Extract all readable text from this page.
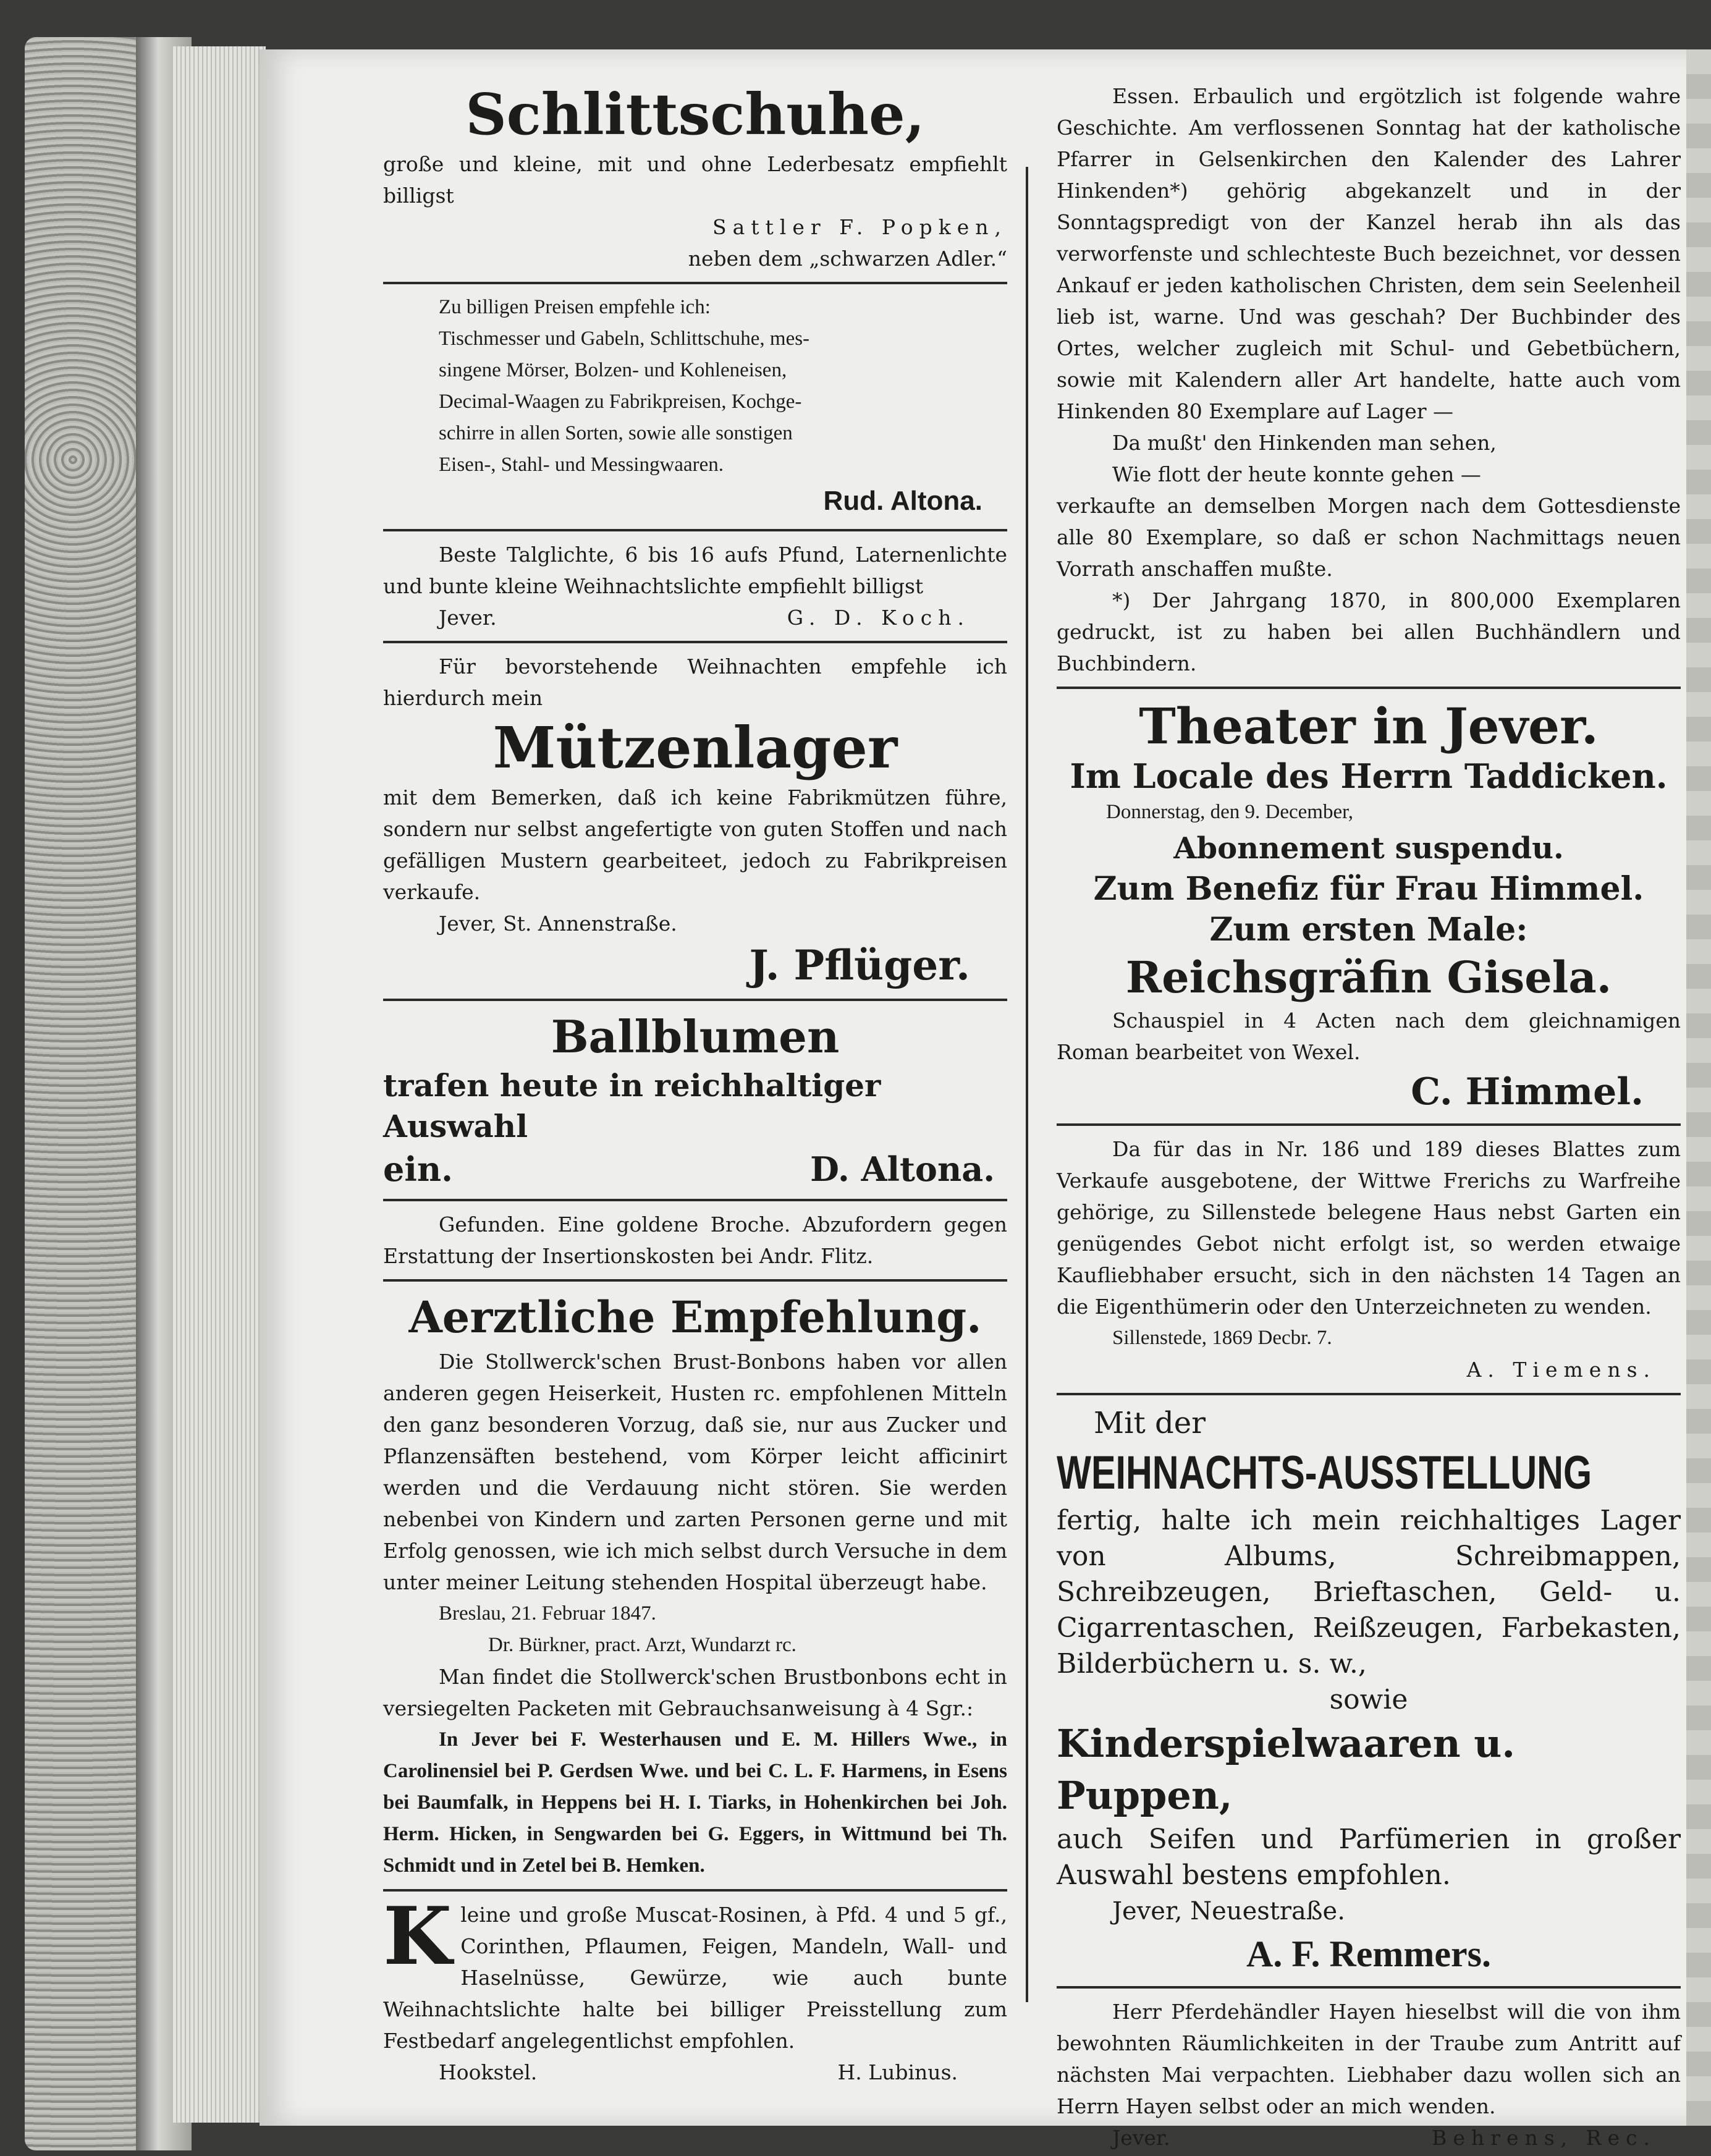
Schlittschuhe,

große und kleine, mit und ohne Lederbesatz empfiehlt billigst

Sattler F. Popken,

neben dem „schwarzen Adler.“

Zu billigen Preisen empfehle ich:

Tischmesser und Gabeln, Schlittschuhe, mes-

singene Mörser, Bolzen- und Kohleneisen,

Decimal-Waagen zu Fabrikpreisen, Kochge-

schirre in allen Sorten, sowie alle sonstigen

Eisen-, Stahl- und Messingwaaren.

Rud. Altona.

Beste Talglichte, 6 bis 16 aufs Pfund, Laternenlichte und bunte kleine Weihnachtslichte empfiehlt billigst

Jever.	G. D. Koch.

Für bevorstehende Weihnachten empfehle ich hierdurch mein

Mützenlager

mit dem Bemerken, daß ich keine Fabrikmützen führe, sondern nur selbst angefertigte von guten Stoffen und nach gefälligen Mustern gearbeiteet, jedoch zu Fabrikpreisen verkaufe.

Jever, St. Annenstraße.

J. Pflüger.

Ballblumen

trafen heute in reichhaltiger Auswahl

ein.	D. Altona.

Gefunden. Eine goldene Broche. Abzufordern gegen Erstattung der Insertionskosten bei Andr. Flitz.

Aerztliche Empfehlung.

Die Stollwerck'schen Brust-Bonbons haben vor allen anderen gegen Heiserkeit, Husten rc. empfohlenen Mitteln den ganz besonderen Vorzug, daß sie, nur aus Zucker und Pflanzensäften bestehend, vom Körper leicht afficinirt werden und die Verdauung nicht stören. Sie werden nebenbei von Kindern und zarten Personen gerne und mit Erfolg genossen, wie ich mich selbst durch Versuche in dem unter meiner Leitung stehenden Hospital überzeugt habe.

Breslau, 21. Februar 1847.

Dr. Bürkner, pract. Arzt, Wundarzt rc.

Man findet die Stollwerck'schen Brustbonbons echt in versiegelten Packeten mit Gebrauchsanweisung à 4 Sgr.:

In Jever bei F. Westerhausen und E. M. Hillers Wwe., in Carolinensiel bei P. Gerdsen Wwe. und bei C. L. F. Harmens, in Esens bei Baumfalk, in Heppens bei H. I. Tiarks, in Hohenkirchen bei Joh. Herm. Hicken, in Sengwarden bei G. Eggers, in Wittmund bei Th. Schmidt und in Zetel bei B. Hemken.

K leine und große Muscat-Rosinen, à Pfd. 4 und 5 gf., Corinthen, Pflaumen, Feigen, Mandeln, Wall- und Haselnüsse, Gewürze, wie auch bunte Weihnachtslichte halte bei billiger Preisstellung zum Festbedarf angelegentlichst empfohlen.

Hookstel.	H. Lubinus.

Essen. Erbaulich und ergötzlich ist folgende wahre Geschichte. Am verflossenen Sonntag hat der katholische Pfarrer in Gelsenkirchen den Kalender des Lahrer Hinkenden*) gehörig abgekanzelt und in der Sonntagspredigt von der Kanzel herab ihn als das verworfenste und schlechteste Buch bezeichnet, vor dessen Ankauf er jeden katholischen Christen, dem sein Seelenheil lieb ist, warne. Und was geschah? Der Buchbinder des Ortes, welcher zugleich mit Schul- und Gebetbüchern, sowie mit Kalendern aller Art handelte, hatte auch vom Hinkenden 80 Exemplare auf Lager —

Da mußt' den Hinkenden man sehen,

Wie flott der heute konnte gehen —

verkaufte an demselben Morgen nach dem Gottesdienste alle 80 Exemplare, so daß er schon Nachmittags neuen Vorrath anschaffen mußte.

*) Der Jahrgang 1870, in 800,000 Exemplaren gedruckt, ist zu haben bei allen Buchhändlern und Buchbindern.

Theater in Jever.

Im Locale des Herrn Taddicken.

Donnerstag, den 9. December,

Abonnement suspendu.

Zum Benefiz für Frau Himmel.

Zum ersten Male:

Reichsgräfin Gisela.

Schauspiel in 4 Acten nach dem gleichnamigen Roman bearbeitet von Wexel.

C. Himmel.

Da für das in Nr. 186 und 189 dieses Blattes zum Verkaufe ausgebotene, der Wittwe Frerichs zu Warfreihe gehörige, zu Sillenstede belegene Haus nebst Garten ein genügendes Gebot nicht erfolgt ist, so werden etwaige Kaufliebhaber ersucht, sich in den nächsten 14 Tagen an die Eigenthümerin oder den Unterzeichneten zu wenden.

Sillenstede, 1869 Decbr. 7.

A. Tiemens.

Mit der

WEIHNACHTS-AUSSTELLUNG

fertig, halte ich mein reichhaltiges Lager von Albums, Schreibmappen, Schreibzeugen, Brieftaschen, Geld- u. Cigarrentaschen, Reißzeugen, Farbekasten, Bilderbüchern u. s. w.,

sowie

Kinderspielwaaren u. Puppen,

auch Seifen und Parfümerien in großer Auswahl bestens empfohlen.

Jever, Neuestraße.

A. F. Remmers.

Herr Pferdehändler Hayen hieselbst will die von ihm bewohnten Räumlichkeiten in der Traube zum Antritt auf nächsten Mai verpachten. Liebhaber dazu wollen sich an Herrn Hayen selbst oder an mich wenden.

Jever.	Behrens, Rec.
